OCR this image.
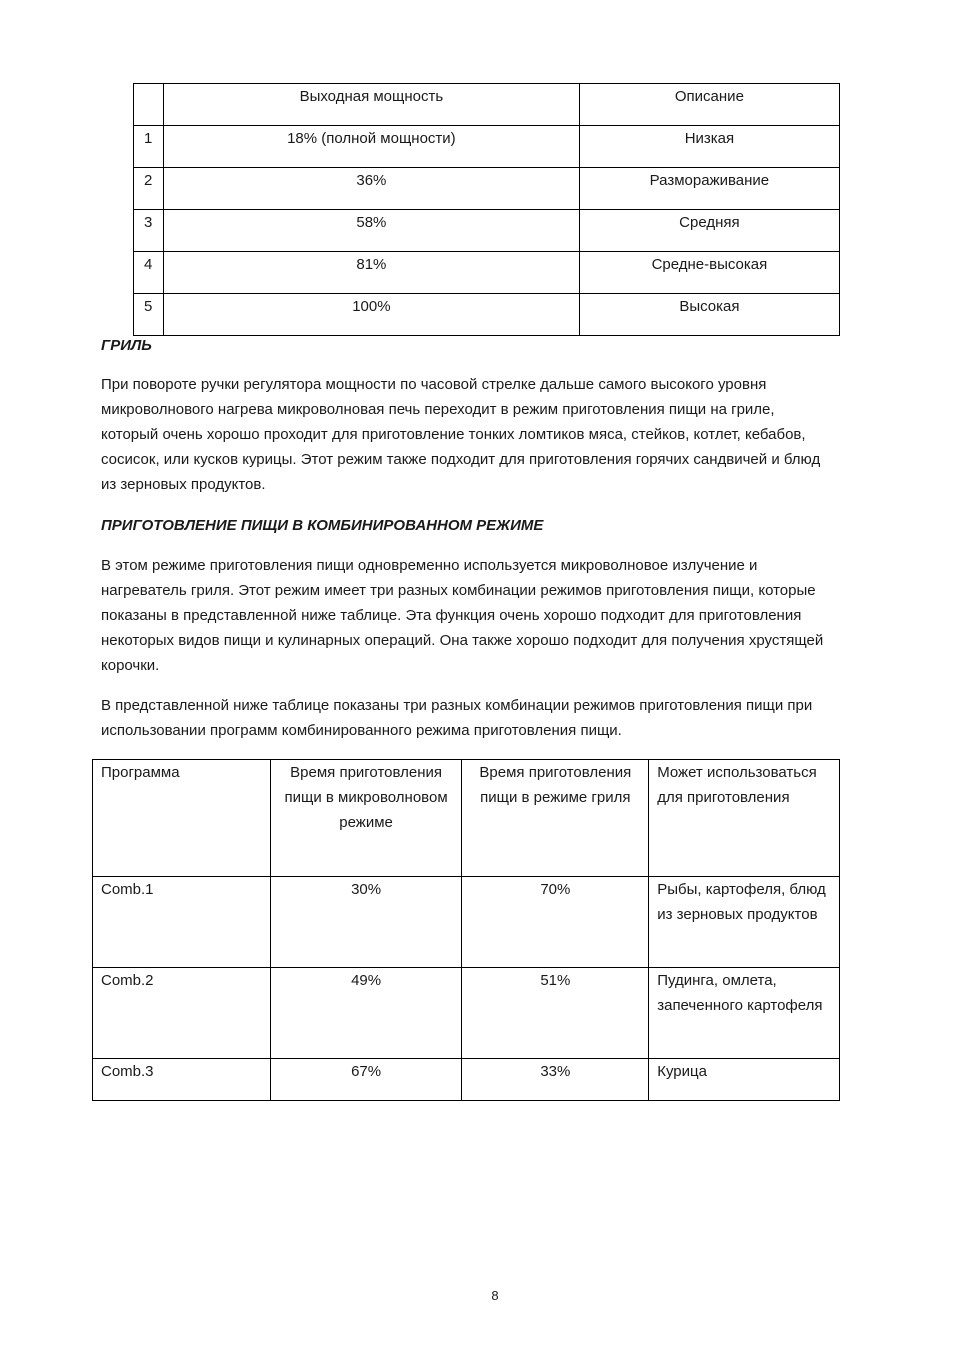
	Выходная мощность	Описание
1	18% (полной мощности)	Низкая
2	36%	Размораживание
3	58%	Средняя
4	81%	Средне-высокая
5	100%	Высокая
ГРИЛЬ
При повороте ручки регулятора мощности по часовой стрелке дальше самого высокого уровня микроволнового нагрева микроволновая печь переходит в режим приготовления пищи на гриле, который очень хорошо проходит для приготовление тонких ломтиков мяса, стейков, котлет, кебабов, сосисок, или кусков курицы. Этот режим также подходит для приготовления горячих сандвичей и блюд из зерновых продуктов.
ПРИГОТОВЛЕНИЕ ПИЩИ В КОМБИНИРОВАННОМ РЕЖИМЕ
В этом режиме приготовления пищи одновременно используется микроволновое излучение и нагреватель гриля. Этот режим имеет три разных комбинации режимов приготовления пищи, которые показаны в представленной ниже таблице. Эта функция очень хорошо подходит для приготовления некоторых видов пищи и кулинарных операций. Она также хорошо подходит для получения хрустящей корочки.
В представленной ниже таблице показаны три разных комбинации режимов приготовления пищи при использовании программ комбинированного режима приготовления пищи.
Программа	Время приготовления пищи в микроволновом режиме	Время приготовления пищи в режиме гриля	Может использоваться для приготовления
Comb.1	30%	70%	Рыбы, картофеля, блюд из зерновых продуктов
Comb.2	49%	51%	Пудинга, омлета, запеченного картофеля
Comb.3	67%	33%	Курица
8
